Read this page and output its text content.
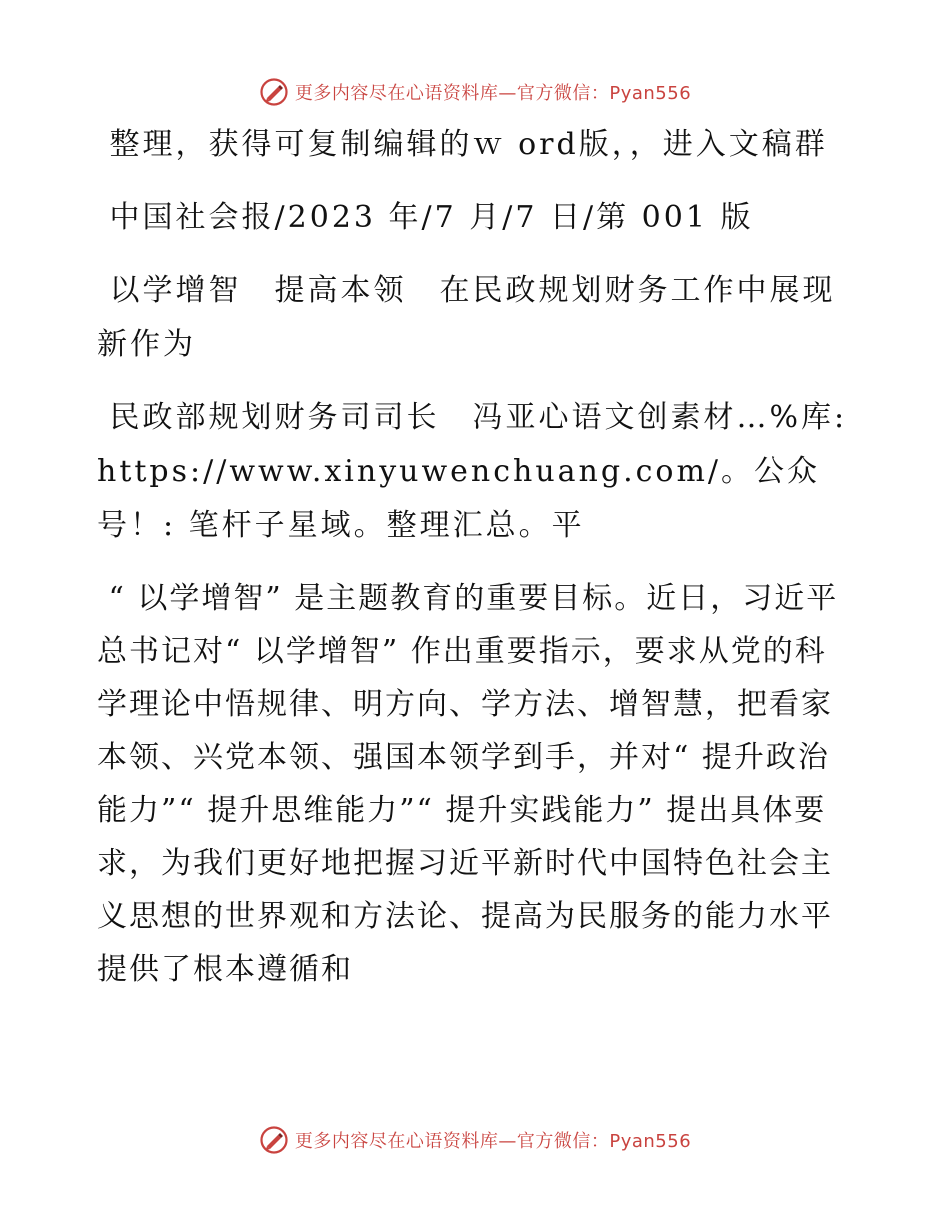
更多内容尽在心语资料库—官方微信：Pyan556

整理，获得可复制编辑的ｗ ord版，，进入文稿群

中国社会报/2023 年/7 月/7 日/第 001 版

以学增智　提高本领　在民政规划财务工作中展现新作为

民政部规划财务司司长　冯亚心语文创素材…%库: https://www.xinyuwenchuang.com/。公众号！: 笔杆子星域。整理汇总。平

“ 以学增智” 是主题教育的重要目标。近日，习近平总书记对“ 以学增智” 作出重要指示，要求从党的科学理论中悟规律、明方向、学方法、增智慧，把看家本领、兴党本领、强国本领学到手，并对“ 提升政治能力”“ 提升思维能力”“ 提升实践能力” 提出具体要求，为我们更好地把握习近平新时代中国特色社会主义思想的世界观和方法论、提高为民服务的能力水平提供了根本遵循和

更多内容尽在心语资料库—官方微信：Pyan556
